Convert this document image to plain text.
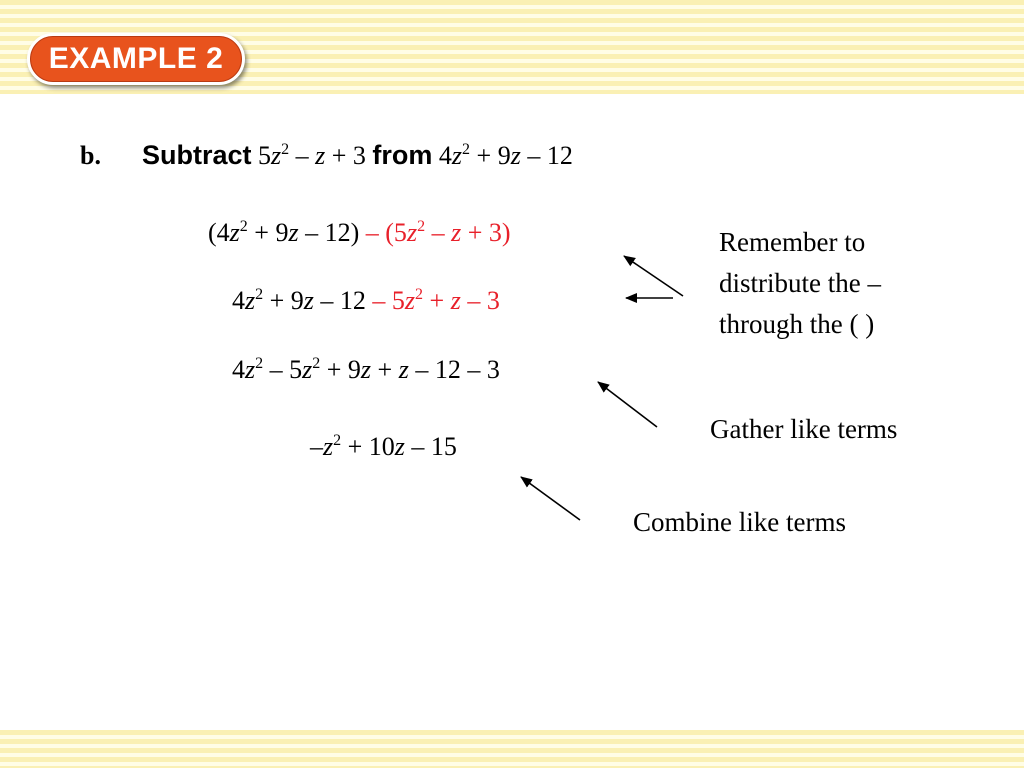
EXAMPLE 2
b. Subtract $5z^2 - z + 3$ from $4z^2 + 9z - 12$
$(4z^2 + 9z - 12) - (5z^2 - z + 3)$
$4z^2 + 9z - 12 - 5z^2 + z - 3$
$4z^2 - 5z^2 + 9z + z - 12 - 3$
$-z^2 + 10z - 15$
Remember to
distribute the –
through the ( )
Gather like terms
Combine like terms
